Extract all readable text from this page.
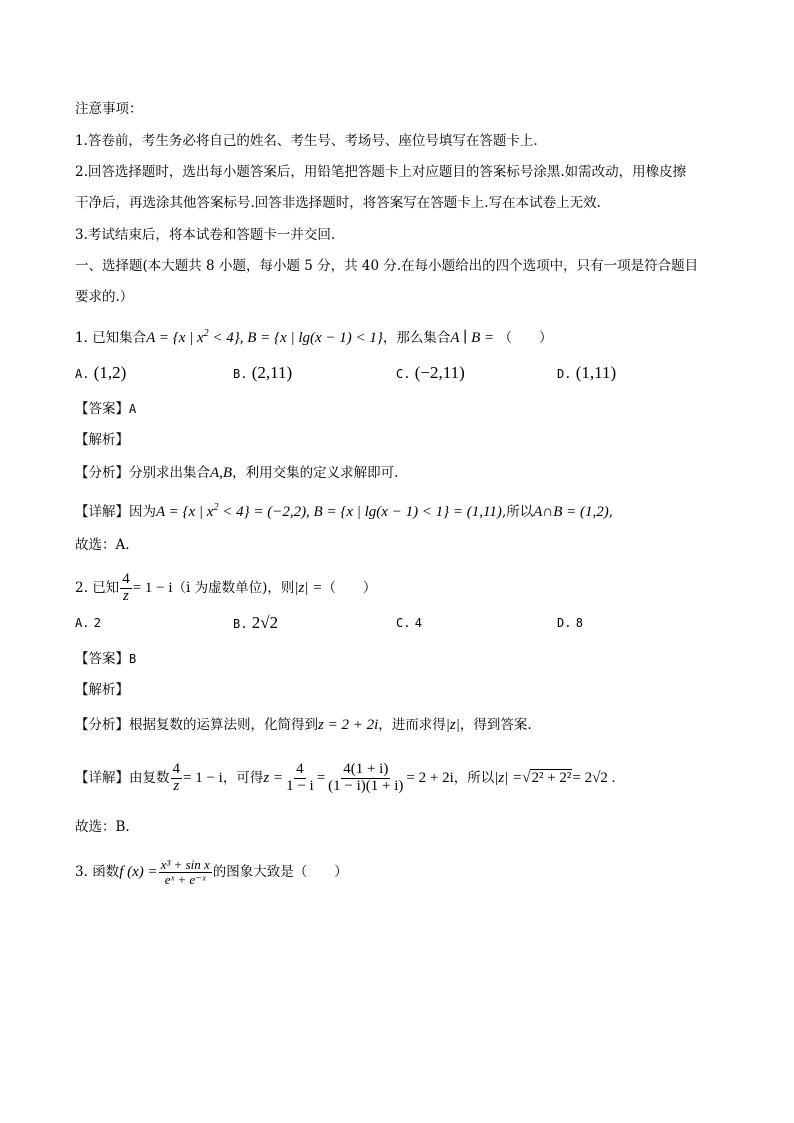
注意事项：
1.答卷前，考生务必将自己的姓名、考生号、考场号、座位号填写在答题卡上.
2.回答选择题时，选出每小题答案后，用铅笔把答题卡上对应题目的答案标号涂黑.如需改动，用橡皮擦
干净后，再选涂其他答案标号.回答非选择题时，将答案写在答题卡上.写在本试卷上无效.
3.考试结束后，将本试卷和答题卡一并交回.
一、选择题(本大题共 8 小题，每小题 5 分，共 40 分.在每小题给出的四个选项中，只有一项是符合题目
要求的.）
1. 已知集合A = {x | $x^2 < 4$}, B = {x | lg(x − 1) < 1}，那么集合A ∣ B = （　　）
A. (1,2)	B. (2,11)	C. (−2,11)	D. (1,11)
【答案】A
【解析】
【分析】分别求出集合A,B，利用交集的定义求解即可.
【详解】因为A = {x | $x^2 < 4\} = (-2,2)$, B = {x | lg(x − 1) < 1} = (1,11),所以A∩B = (1,2),
故选：A.
2. 已知 $\frac{4}{z} = 1 - i(i$ 为虚数单位)，则|z| =（　　）
A. 2	B. 2√2	C. 4	D. 8
【答案】B
【解析】
【分析】根据复数的运算法则，化简得到z = 2 + 2i，进而求得|z|，得到答案.
【详解】由复数 $\frac{4}{z} = 1 - i$，可得$z = \frac{4}{1 - i} = \frac{4(1 + i)}{(1 - i)(1 + i)} = 2 + 2i$，所以|z| =√2² + 2²= 2√2 .
故选：B.
3. 函数f $(x) = \frac{\text{x³ + sin x}}{\text{eˣ + e⁻ˣ}}$ 的图象大致是（　　）
